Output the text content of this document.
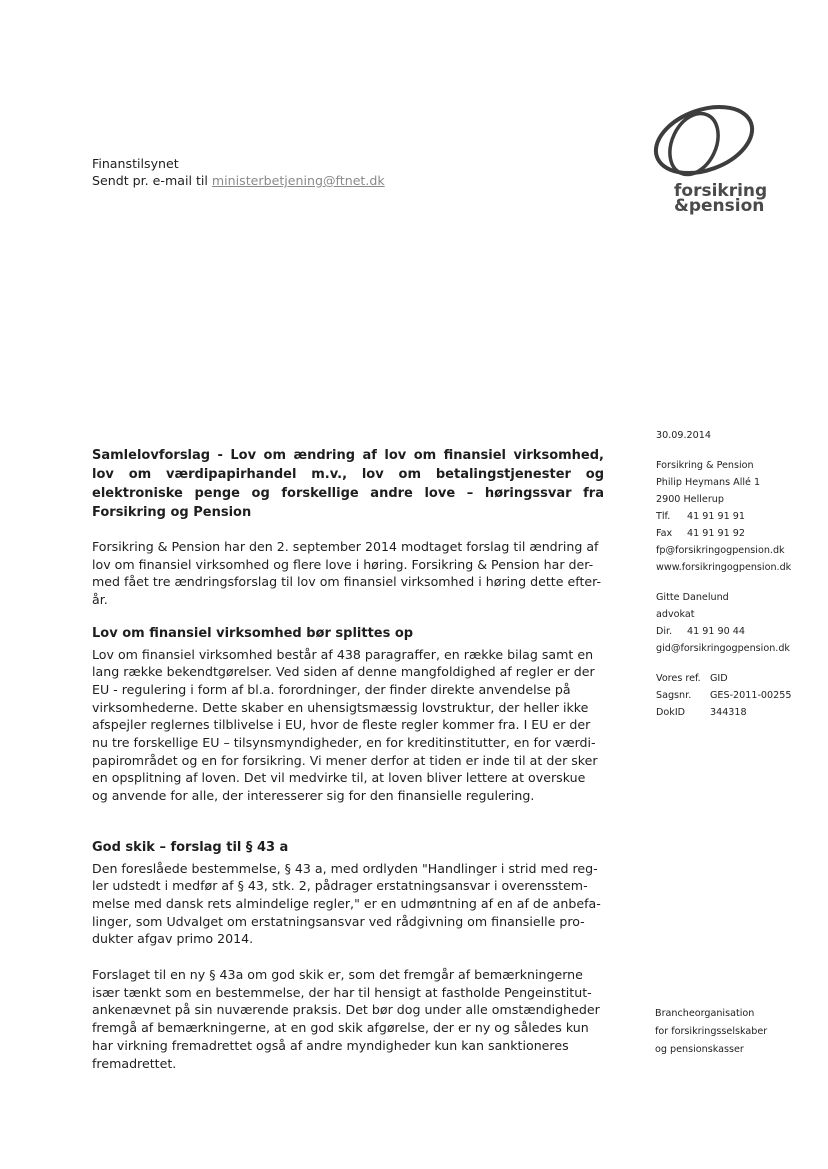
Finanstilsynet
Sendt pr. e-mail til ministerbetjening@ftnet.dk
forsikring
&pension

Samlelovforslag - Lov om ændring af lov om finansiel virksomhed, lov om værdipapirhandel m.v., lov om betalingstjenester og elektroniske penge og forskellige andre love – høringssvar fra Forsikring og Pension

Forsikring & Pension har den 2. september 2014 modtaget forslag til ændring af
lov om finansiel virksomhed og flere love i høring. Forsikring & Pension har der-
med fået tre ændringsforslag til lov om finansiel virksomhed i høring dette efter-
år.
Lov om finansiel virksomhed bør splittes op
Lov om finansiel virksomhed består af 438 paragraffer, en række bilag samt en
lang række bekendtgørelser. Ved siden af denne mangfoldighed af regler er der
EU - regulering i form af bl.a. forordninger, der finder direkte anvendelse på
virksomhederne. Dette skaber en uhensigtsmæssig lovstruktur, der heller ikke
afspejler reglernes tilblivelse i EU, hvor de fleste regler kommer fra. I EU er der
nu tre forskellige EU – tilsynsmyndigheder, en for kreditinstitutter, en for værdi-
papirområdet og en for forsikring. Vi mener derfor at tiden er inde til at der sker
en opsplitning af loven. Det vil medvirke til, at loven bliver lettere at overskue
og anvende for alle, der interesserer sig for den finansielle regulering.
God skik – forslag til § 43 a
Den foreslåede bestemmelse, § 43 a, med ordlyden "Handlinger i strid med reg-
ler udstedt i medfør af § 43, stk. 2, pådrager erstatningsansvar i overensstem-
melse med dansk rets almindelige regler," er en udmøntning af en af de anbefa-
linger, som Udvalget om erstatningsansvar ved rådgivning om finansielle pro-
dukter afgav primo 2014.
Forslaget til en ny § 43a om god skik er, som det fremgår af bemærkningerne
især tænkt som en bestemmelse, der har til hensigt at fastholde Pengeinstitut-
ankenævnet på sin nuværende praksis. Det bør dog under alle omstændigheder
fremgå af bemærkningerne, at en god skik afgørelse, der er ny og således kun
har virkning fremadrettet også af andre myndigheder kun kan sanktioneres
fremadrettet.
30.09.2014
Forsikring & Pension
Philip Heymans Allé 1
2900 Hellerup
Tlf.	41 91 91 91
Fax	41 91 91 92
fp@forsikringogpension.dk
www.forsikringogpension.dk
Gitte Danelund
advokat
Dir.	41 91 90 44
gid@forsikringogpension.dk
Vores ref. GID
Sagsnr.	GES-2011-00255
DokID	344318
Brancheorganisation
for forsikringsselskaber
og pensionskasser
